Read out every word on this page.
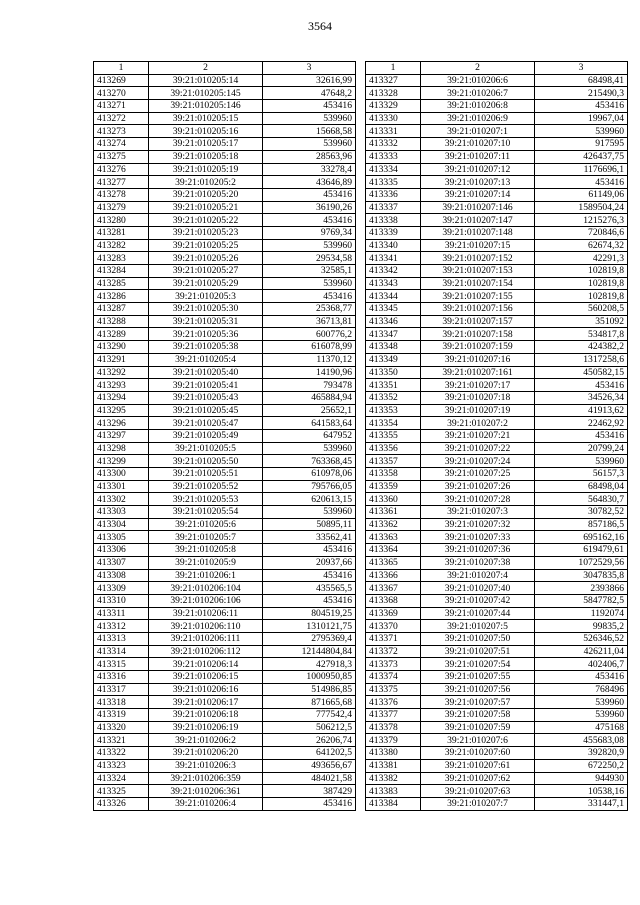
3564
1	2	3
413269	39:21:010205:14	32616,99
413270	39:21:010205:145	47648,2
413271	39:21:010205:146	453416
413272	39:21:010205:15	539960
413273	39:21:010205:16	15668,58
413274	39:21:010205:17	539960
413275	39:21:010205:18	28563,96
413276	39:21:010205:19	33278,4
413277	39:21:010205:2	43646,89
413278	39:21:010205:20	453416
413279	39:21:010205:21	36190,26
413280	39:21:010205:22	453416
413281	39:21:010205:23	9769,34
413282	39:21:010205:25	539960
413283	39:21:010205:26	29534,58
413284	39:21:010205:27	32585,1
413285	39:21:010205:29	539960
413286	39:21:010205:3	453416
413287	39:21:010205:30	25368,77
413288	39:21:010205:31	36713,81
413289	39:21:010205:36	600776,2
413290	39:21:010205:38	616078,99
413291	39:21:010205:4	11370,12
413292	39:21:010205:40	14190,96
413293	39:21:010205:41	793478
413294	39:21:010205:43	465884,94
413295	39:21:010205:45	25652,1
413296	39:21:010205:47	641583,64
413297	39:21:010205:49	647952
413298	39:21:010205:5	539960
413299	39:21:010205:50	763368,45
413300	39:21:010205:51	610978,06
413301	39:21:010205:52	795766,05
413302	39:21:010205:53	620613,15
413303	39:21:010205:54	539960
413304	39:21:010205:6	50895,11
413305	39:21:010205:7	33562,41
413306	39:21:010205:8	453416
413307	39:21:010205:9	20937,66
413308	39:21:010206:1	453416
413309	39:21:010206:104	435565,5
413310	39:21:010206:106	453416
413311	39:21:010206:11	804519,25
413312	39:21:010206:110	1310121,75
413313	39:21:010206:111	2795369,4
413314	39:21:010206:112	12144804,84
413315	39:21:010206:14	427918,3
413316	39:21:010206:15	1000950,85
413317	39:21:010206:16	514986,85
413318	39:21:010206:17	871665,68
413319	39:21:010206:18	777542,4
413320	39:21:010206:19	506212,5
413321	39:21:010206:2	26206,74
413322	39:21:010206:20	641202,5
413323	39:21:010206:3	493656,67
413324	39:21:010206:359	484021,58
413325	39:21:010206:361	387429
413326	39:21:010206:4	453416
1	2	3
413327	39:21:010206:6	68498,41
413328	39:21:010206:7	215490,3
413329	39:21:010206:8	453416
413330	39:21:010206:9	19967,04
413331	39:21:010207:1	539960
413332	39:21:010207:10	917595
413333	39:21:010207:11	426437,75
413334	39:21:010207:12	1176696,1
413335	39:21:010207:13	453416
413336	39:21:010207:14	61149,06
413337	39:21:010207:146	1589504,24
413338	39:21:010207:147	1215276,3
413339	39:21:010207:148	720846,6
413340	39:21:010207:15	62674,32
413341	39:21:010207:152	42291,3
413342	39:21:010207:153	102819,8
413343	39:21:010207:154	102819,8
413344	39:21:010207:155	102819,8
413345	39:21:010207:156	560208,5
413346	39:21:010207:157	351092
413347	39:21:010207:158	534817,8
413348	39:21:010207:159	424382,2
413349	39:21:010207:16	1317258,6
413350	39:21:010207:161	450582,15
413351	39:21:010207:17	453416
413352	39:21:010207:18	34526,34
413353	39:21:010207:19	41913,62
413354	39:21:010207:2	22462,92
413355	39:21:010207:21	453416
413356	39:21:010207:22	20799,24
413357	39:21:010207:24	539960
413358	39:21:010207:25	56157,3
413359	39:21:010207:26	68498,04
413360	39:21:010207:28	564830,7
413361	39:21:010207:3	30782,52
413362	39:21:010207:32	857186,5
413363	39:21:010207:33	695162,16
413364	39:21:010207:36	619479,61
413365	39:21:010207:38	1072529,56
413366	39:21:010207:4	3047835,8
413367	39:21:010207:40	2393866
413368	39:21:010207:42	5847782,5
413369	39:21:010207:44	1192074
413370	39:21:010207:5	99835,2
413371	39:21:010207:50	526346,52
413372	39:21:010207:51	426211,04
413373	39:21:010207:54	402406,7
413374	39:21:010207:55	453416
413375	39:21:010207:56	768496
413376	39:21:010207:57	539960
413377	39:21:010207:58	539960
413378	39:21:010207:59	475168
413379	39:21:010207:6	455683,08
413380	39:21:010207:60	392820,9
413381	39:21:010207:61	672250,2
413382	39:21:010207:62	944930
413383	39:21:010207:63	10538,16
413384	39:21:010207:7	331447,1
